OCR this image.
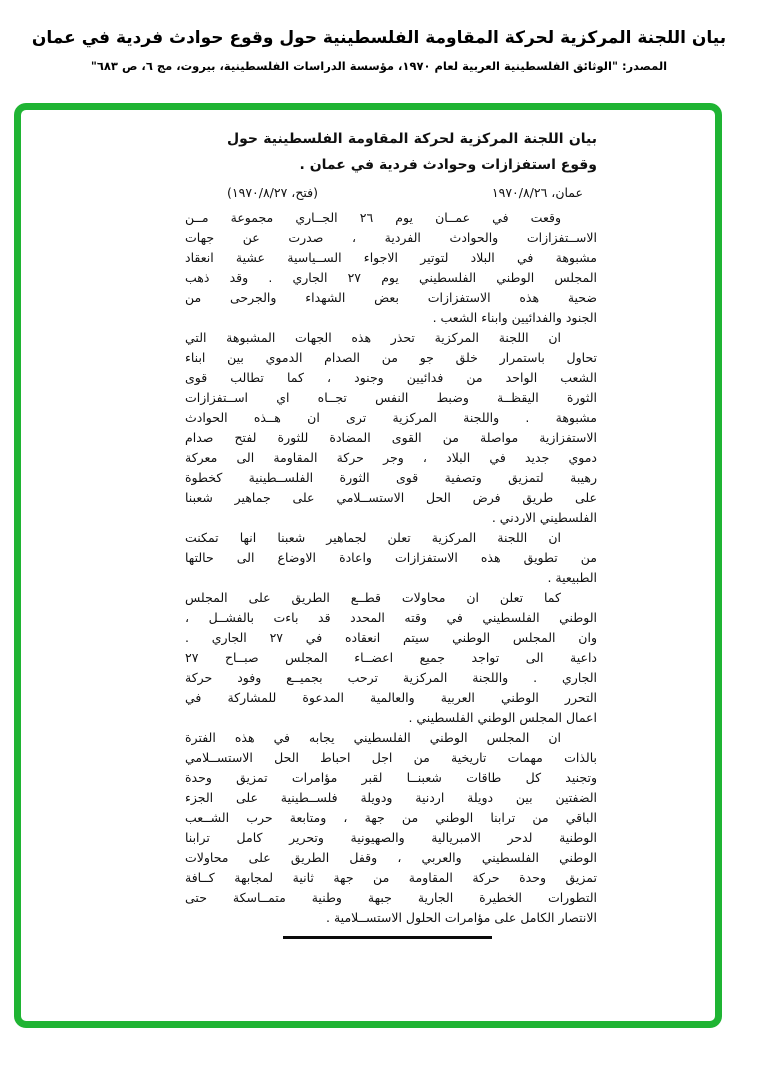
بيان اللجنة المركزية لحركة المقاومة الفلسطينية حول وقوع حوادث فردية في عمان
المصدر: "الوثائق الفلسطينية العربية لعام ١٩٧٠، مؤسسة الدراسات الفلسطينية، بيروت، مج ٦، ص ٦٨٣"
بيان اللجنة المركزية لحركة المقاومة الفلسطينية حول
وقوع استفزازات وحوادث فردية في عمان .
عمان، ١٩٧٠/٨/٢٦
(فتح، ١٩٧٠/٨/٢٧)
وقعت في عمــان يوم ٢٦ الجــاري مجموعة مــن
الاســتفزازات والحوادث الفردية ، صدرت عن جهات
مشبوهة في البلاد لتوتير الاجواء الســياسية عشية انعقاد
المجلس الوطني الفلسطيني يوم ٢٧ الجاري . وقد ذهب
ضحية هذه الاستفزازات بعض الشهداء والجرحى من
الجنود والفدائيين وابناء الشعب .
ان اللجنة المركزية تحذر هذه الجهات المشبوهة التي
تحاول باستمرار خلق جو من الصدام الدموي بين ابناء
الشعب الواحد من فدائيين وجنود ، كما تطالب قوى
الثورة اليقظــة وضبط النفس تجــاه اي اســتفزازات
مشبوهة . واللجنة المركزية ترى ان هــذه الحوادث
الاستفزازية مواصلة من القوى المضادة للثورة لفتح صدام
دموي جديد في البلاد ، وجر حركة المقاومة الى معركة
رهيبة لتمزيق وتصفية قوى الثورة الفلســطينية كخطوة
على طريق فرض الحل الاستســلامي على جماهير شعبنا
الفلسطيني الاردني .
ان اللجنة المركزية تعلن لجماهير شعبنا انها تمكنت
من تطويق هذه الاستفزازات واعادة الاوضاع الى حالتها
الطبيعية .
كما تعلن ان محاولات قطــع الطريق على المجلس
الوطني الفلسطيني في وقته المحدد قد باءت بالفشــل ،
وان المجلس الوطني سيتم انعقاده في ٢٧ الجاري .
داعية الى تواجد جميع اعضــاء المجلس صبــاح ٢٧
الجاري . واللجنة المركزية ترحب بجميــع وفود حركة
التحرر الوطني العربية والعالمية المدعوة للمشاركة في
اعمال المجلس الوطني الفلسطيني .
ان المجلس الوطني الفلسطيني يجابه في هذه الفترة
بالذات مهمات تاريخية من اجل احباط الحل الاستســلامي
وتجنيد كل طاقات شعبنــا لقبر مؤامرات تمزيق وحدة
الضفتين بين دويلة اردنية ودويلة فلســطينية على الجزء
الباقي من ترابنا الوطني من جهة ، ومتابعة حرب الشــعب
الوطنية لدحر الامبريالية والصهيونية وتحرير كامل ترابنا
الوطني الفلسطيني والعربي ، وقفل الطريق على محاولات
تمزيق وحدة حركة المقاومة من جهة ثانية لمجابهة كــافة
التطورات الخطيرة الجارية جبهة وطنية متمــاسكة حتى
الانتصار الكامل على مؤامرات الحلول الاستســلامية .
